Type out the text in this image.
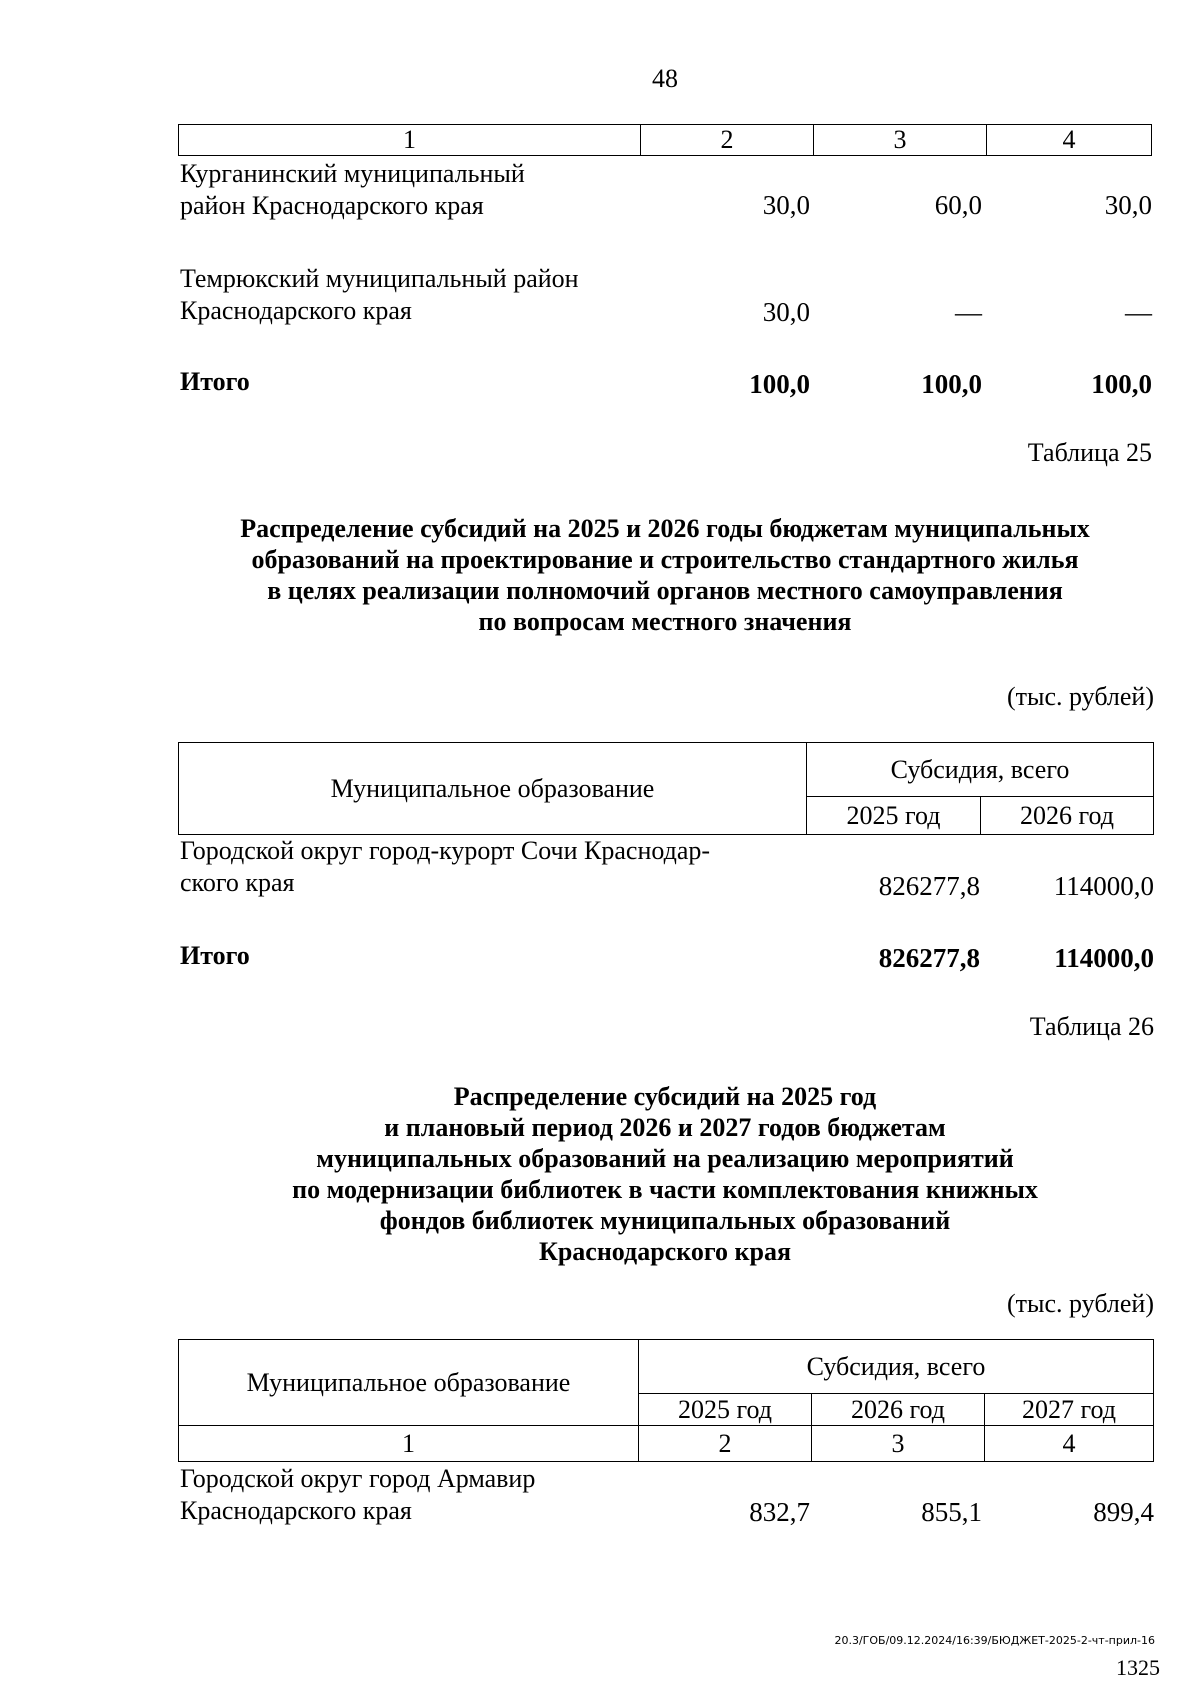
48
1	2	3	4
Курганинский муниципальный
район Краснодарского края	30,0	60,0	30,0
Темрюкский муниципальный район
Краснодарского края	30,0	—	—
Итого	100,0	100,0	100,0
Таблица 25
Распределение субсидий на 2025 и 2026 годы бюджетам муниципальных
образований на проектирование и строительство стандартного жилья
в целях реализации полномочий органов местного самоуправления
по вопросам местного значения
(тыс. рублей)
Муниципальное образование	Субсидия, всего	
	2025 год	2026 год
Городской округ город-курорт Сочи Краснодар-
ского края	826277,8	114000,0
Итого	826277,8	114000,0
Таблица 26
Распределение субсидий на 2025 год
и плановый период 2026 и 2027 годов бюджетам
муниципальных образований на реализацию мероприятий
по модернизации библиотек в части комплектования книжных
фондов библиотек муниципальных образований
Краснодарского края
(тыс. рублей)
Муниципальное образование	Субсидия, всего		
	2025 год	2026 год	2027 год
1	2	3	4
Городской округ город Армавир
Краснодарского края	832,7	855,1	899,4
20.3/ГОБ/09.12.2024/16:39/БЮДЖЕТ-2025-2-чт-прил-16
1325
